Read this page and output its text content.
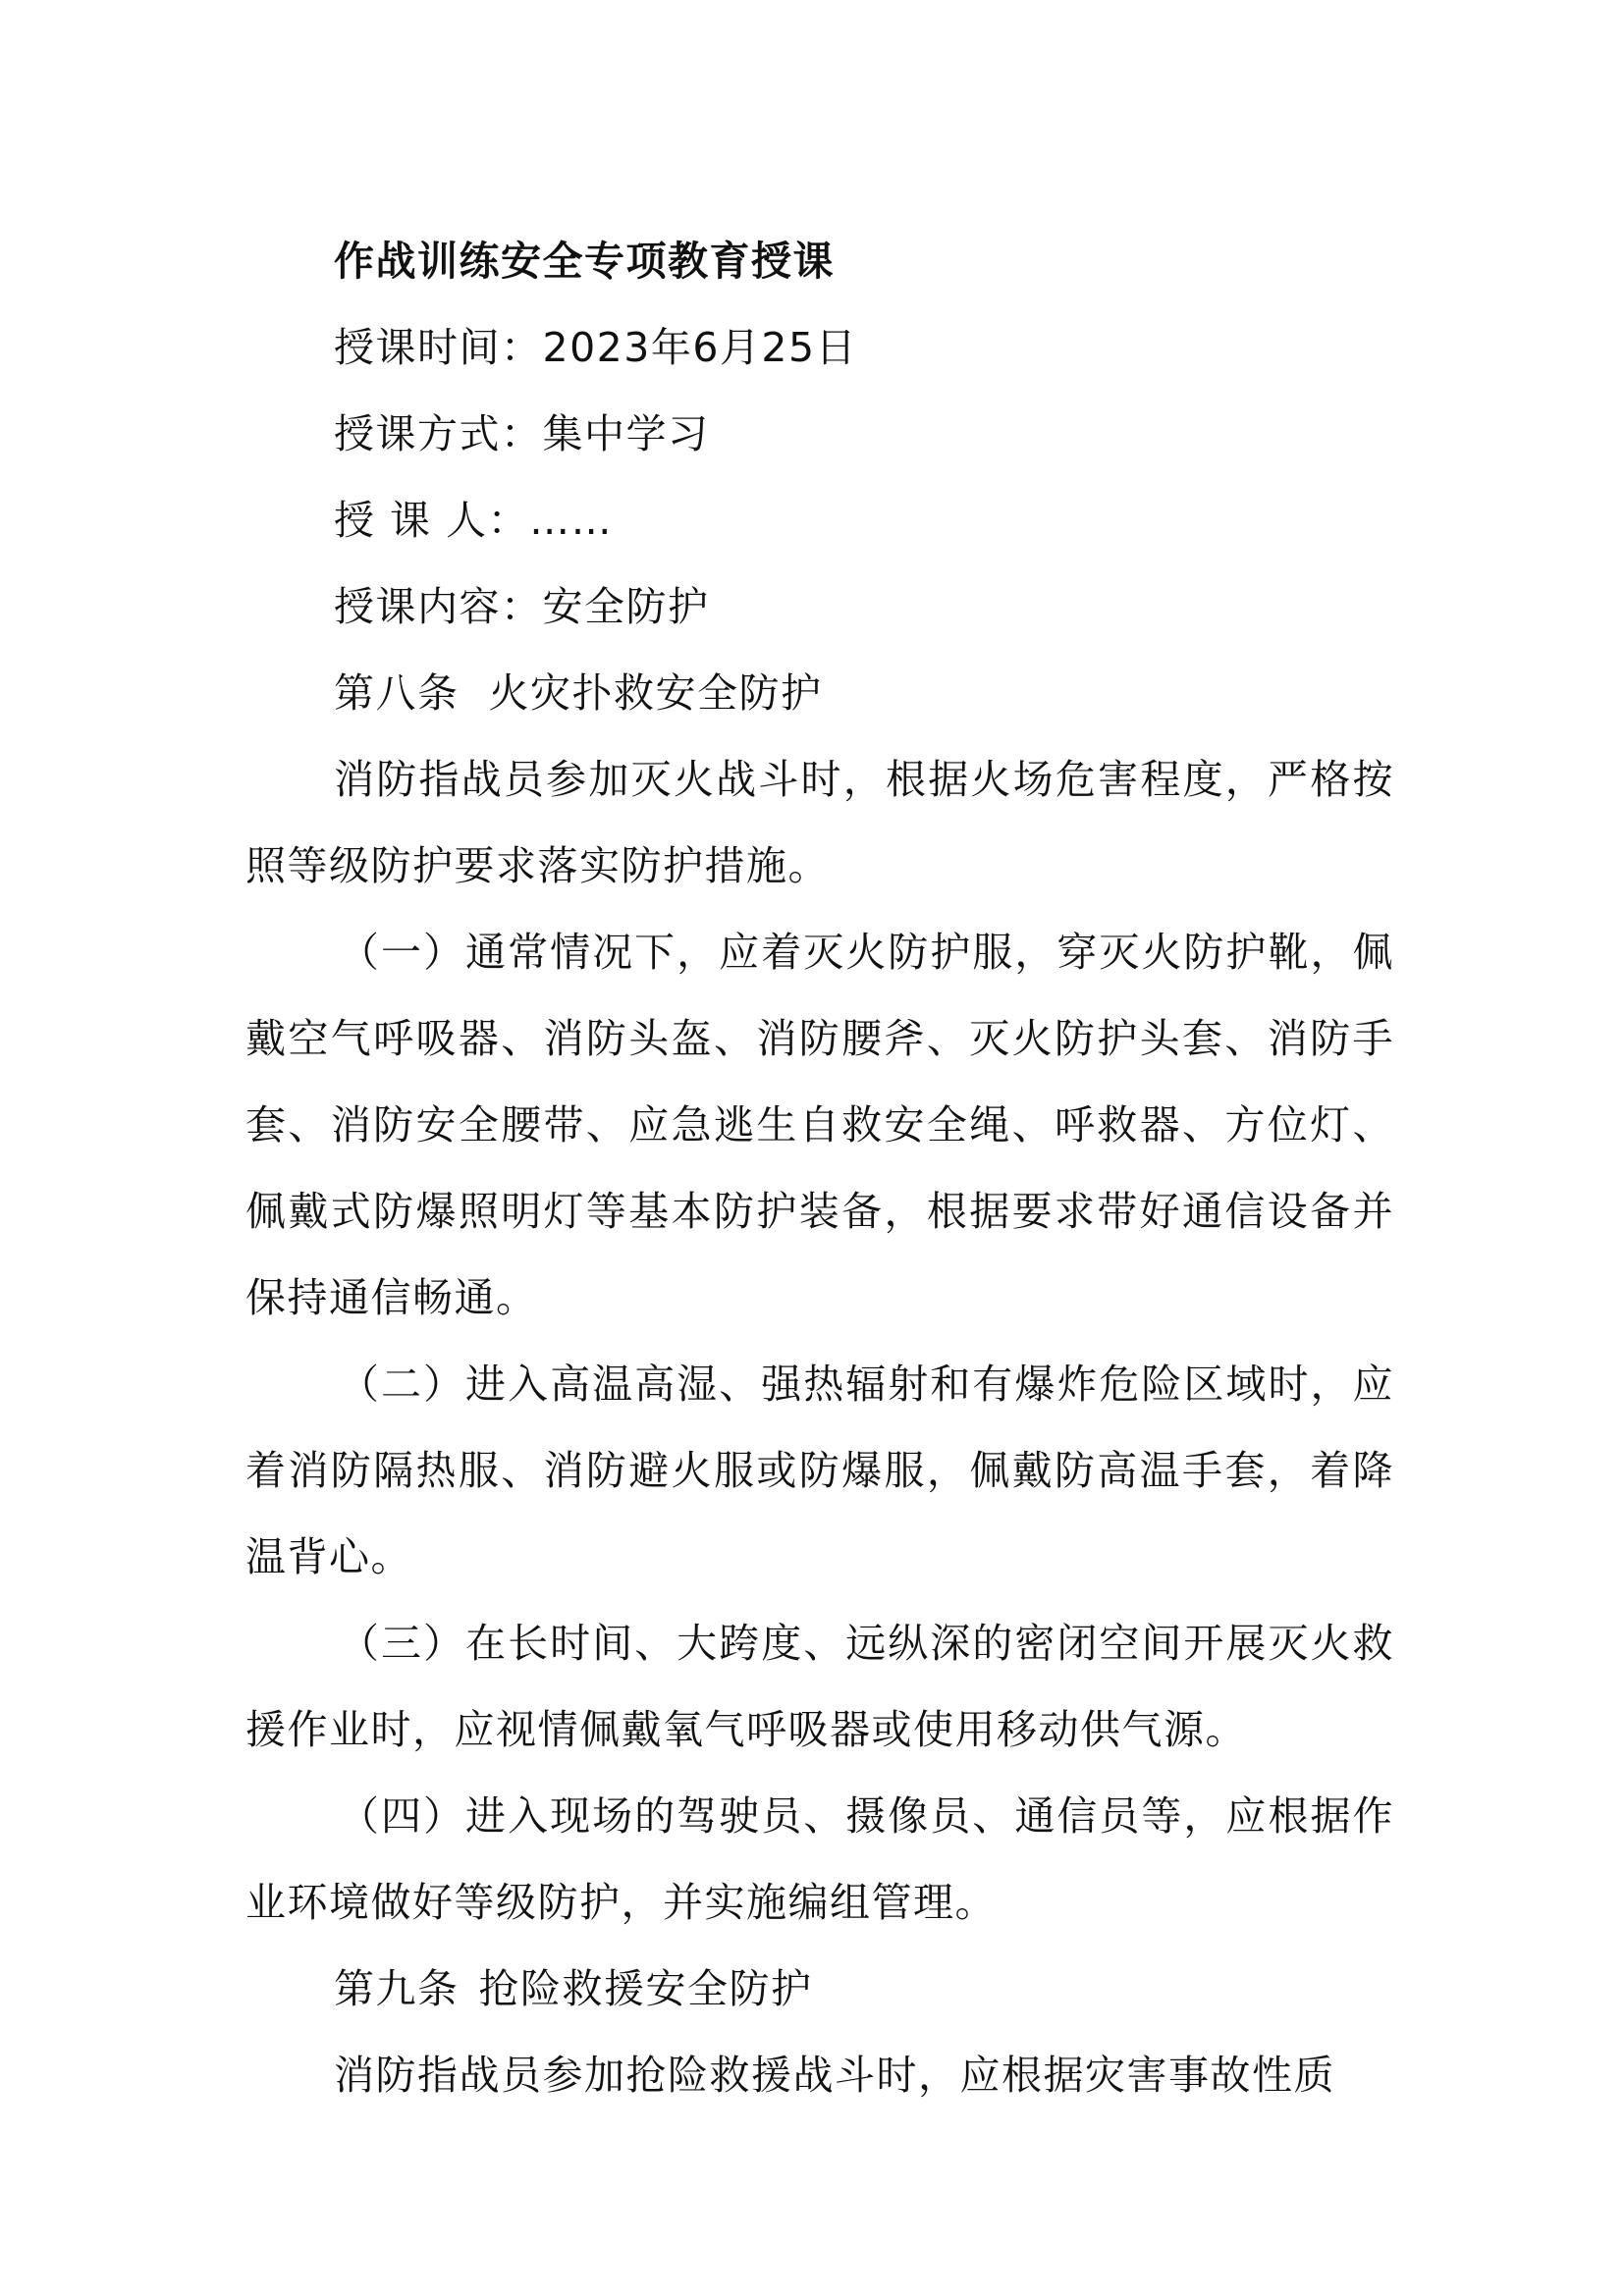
作战训练安全专项教育授课
授课时间：2023年6月25日
授课方式：集中学习
授 课 人：……
授课内容：安全防护
第八条 火灾扑救安全防护
消防指战员参加灭火战斗时，根据火场危害程度，严格按照等级防护要求落实防护措施。
（一）通常情况下，应着灭火防护服，穿灭火防护靴，佩戴空气呼吸器、消防头盔、消防腰斧、灭火防护头套、消防手套、消防安全腰带、应急逃生自救安全绳、呼救器、方位灯、佩戴式防爆照明灯等基本防护装备，根据要求带好通信设备并保持通信畅通。
（二）进入高温高湿、强热辐射和有爆炸危险区域时，应着消防隔热服、消防避火服或防爆服，佩戴防高温手套，着降温背心。
（三）在长时间、大跨度、远纵深的密闭空间开展灭火救援作业时，应视情佩戴氧气呼吸器或使用移动供气源。
（四）进入现场的驾驶员、摄像员、通信员等，应根据作业环境做好等级防护，并实施编组管理。
第九条 抢险救援安全防护
消防指战员参加抢险救援战斗时，应根据灾害事故性质
